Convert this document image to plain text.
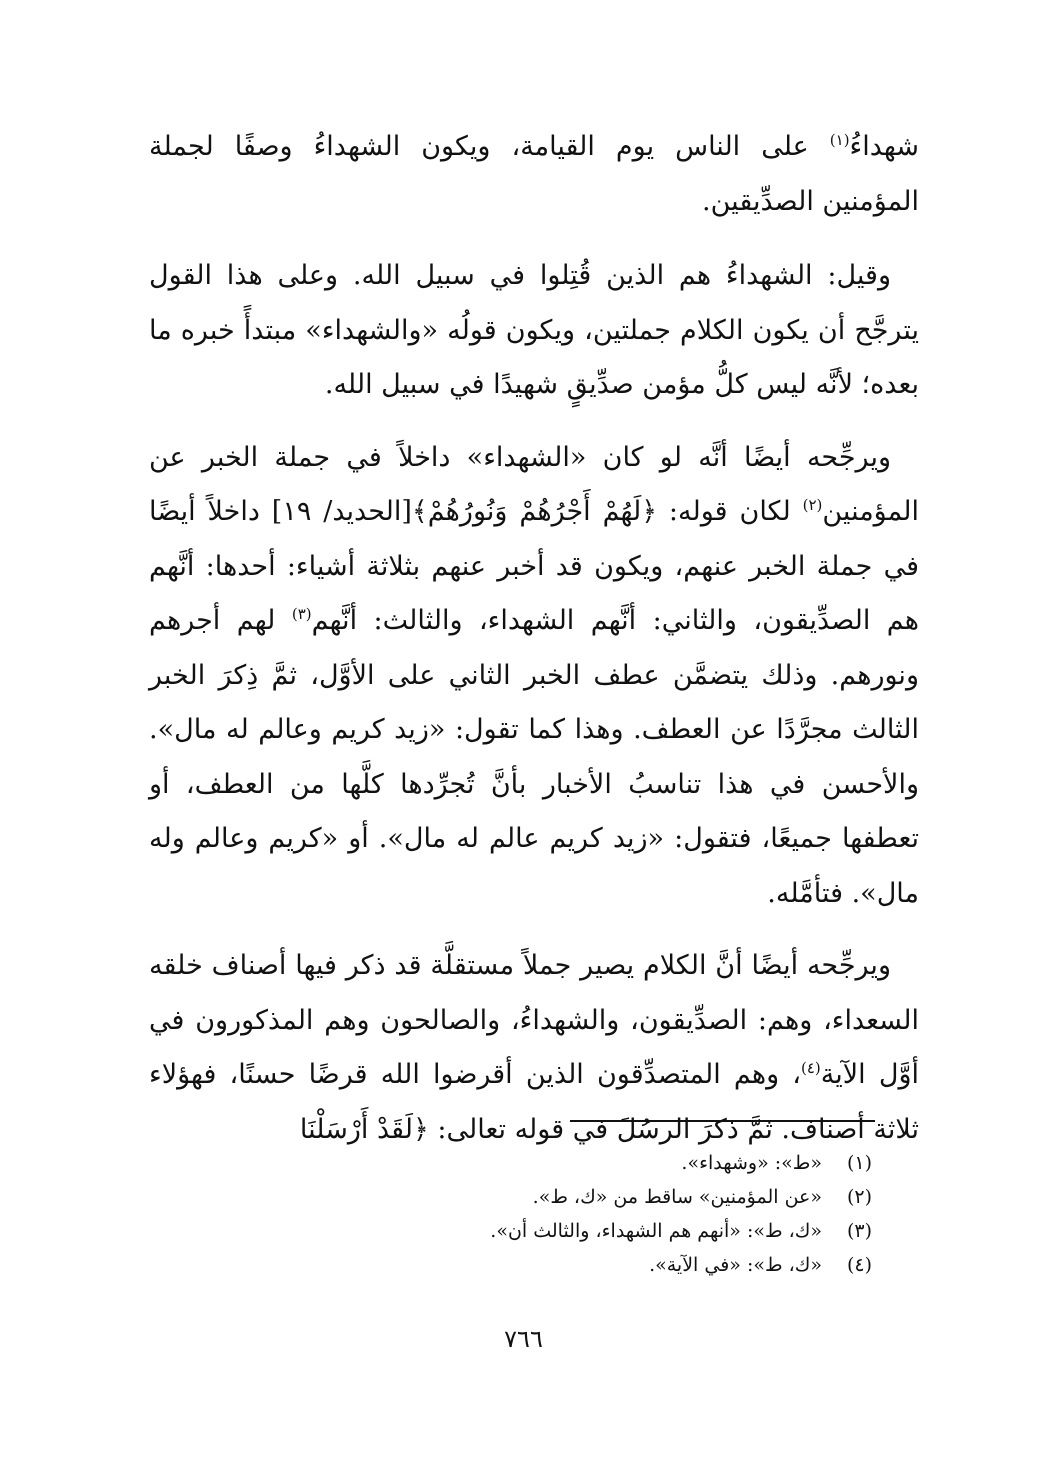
شهداءُ$^{(١)}$ على الناس يوم القيامة، ويكون الشهداءُ وصفًا لجملة المؤمنين الصدِّيقين.

وقيل: الشهداءُ هم الذين قُتِلوا في سبيل الله. وعلى هذا القول يترجَّح أن يكون الكلام جملتين، ويكون قولُه «والشهداء» مبتدأً خبره ما بعده؛ لأنَّه ليس كلُّ مؤمن صدِّيقٍ شهيدًا في سبيل الله.

ويرجِّحه أيضًا أنَّه لو كان «الشهداء» داخلاً في جملة الخبر عن المؤمنين$^{(٢)}$ لكان قوله: ﴿لَهُمْ أَجْرُهُمْ وَنُورُهُمْ﴾[الحديد/ ١٩] داخلاً أيضًا في جملة الخبر عنهم، ويكون قد أخبر عنهم بثلاثة أشياء: أحدها: أنَّهم هم الصدِّيقون، والثاني: أنَّهم الشهداء، والثالث: أنَّهم$^{(٣)}$ لهم أجرهم ونورهم. وذلك يتضمَّن عطف الخبر الثاني على الأوَّل، ثمَّ ذِكرَ الخبر الثالث مجرَّدًا عن العطف. وهذا كما تقول: «زيد كريم وعالم له مال». والأحسن في هذا تناسبُ الأخبار بأنَّ تُجرِّدها كلَّها من العطف، أو تعطفها جميعًا، فتقول: «زيد كريم عالم له مال». أو «كريم وعالم وله مال». فتأمَّله.

ويرجِّحه أيضًا أنَّ الكلام يصير جملاً مستقلَّة قد ذكر فيها أصناف خلقه السعداء، وهم: الصدِّيقون، والشهداءُ، والصالحون وهم المذكورون في أوَّل الآية$^{(٤)}$، وهم المتصدِّقون الذين أقرضوا الله قرضًا حسنًا، فهؤلاء ثلاثة أصناف. ثمَّ ذكرَ الرسُلَ في قوله تعالى: ﴿لَقَدْ أَرْسَلْنَا

(١)
«ط»: «وشهداء».
(٢)
«عن المؤمنين» ساقط من «ك، ط».
(٣)
«ك، ط»: «أنهم هم الشهداء، والثالث أن».
(٤)
«ك، ط»: «في الآية».
٧٦٦
